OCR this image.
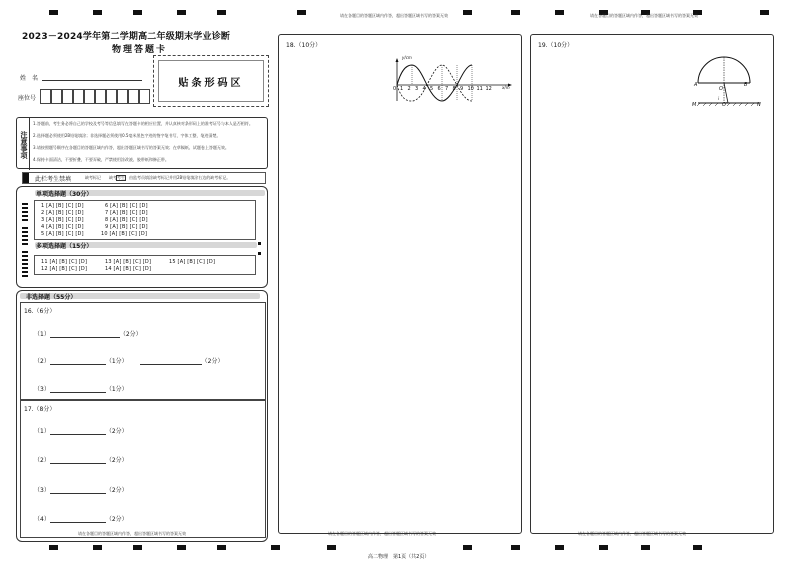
请在各题目的答题区域内作答，超出答题区域书写的答案无效	请在各题目的答题区域内作答，超出答题区域书写的答案无效
2023－2024学年第二学期高二年级期末学业诊断
物理答题卡
姓　名
座位号
贴条形码区
注意事项
1.答题前，考生务必将自己的学校及考号等信息填写在答题卡的相应位置，并认真核对条形码上的准考证号与本人是否相符。
2.选择题必须使用2B铅笔填涂；非选择题必须使用0.5毫米黑色字迹的签字笔书写，字体工整，笔迹清楚。
3.请按照题号顺序在各题目的答题区域内作答，超出答题区域书写的答案无效；在草稿纸、试题卷上答题无效。
4.保持卡面清洁，不要折叠，不要弄破，严禁使用涂改液、胶带纸和修正带。
此栏考生禁填	缺考标记　　缺考考生，由监考员填涂缺考标记并用2B铅笔填涂右边的缺考标记。
单项选择题（30分）
1 [A] [B] [C] [D]
2 [A] [B] [C] [D]
3 [A] [B] [C] [D]
4 [A] [B] [C] [D]
5 [A] [B] [C] [D]
6 [A] [B] [C] [D]
7 [A] [B] [C] [D]
8 [A] [B] [C] [D]
9 [A] [B] [C] [D]
10 [A] [B] [C] [D]
多项选择题（15分）
11 [A] [B] [C] [D]
12 [A] [B] [C] [D]
13 [A] [B] [C] [D]
14 [A] [B] [C] [D]
15 [A] [B] [C] [D]
非选择题（55分）
16.（6分）
（1）	（2分）
（2）	（1分）	（2分）
（3）	（1分）
17.（8分）
（1）	（2分）
（2）	（2分）
（3）	（2分）
（4）	（2分）
请在各题目的答题区域内作答，超出答题区域书写的答案无效
18.（10分）
y/cm
x/m
0 1 2 3 4 5 6 7 8 9 10 11 12
19.（10分）
A	B
O
i
M	O'	N
请在各题目的答题区域内作答，超出答题区域书写的答案无效	请在各题目的答题区域内作答，超出答题区域书写的答案无效
高二物理　第1页（共2页）
